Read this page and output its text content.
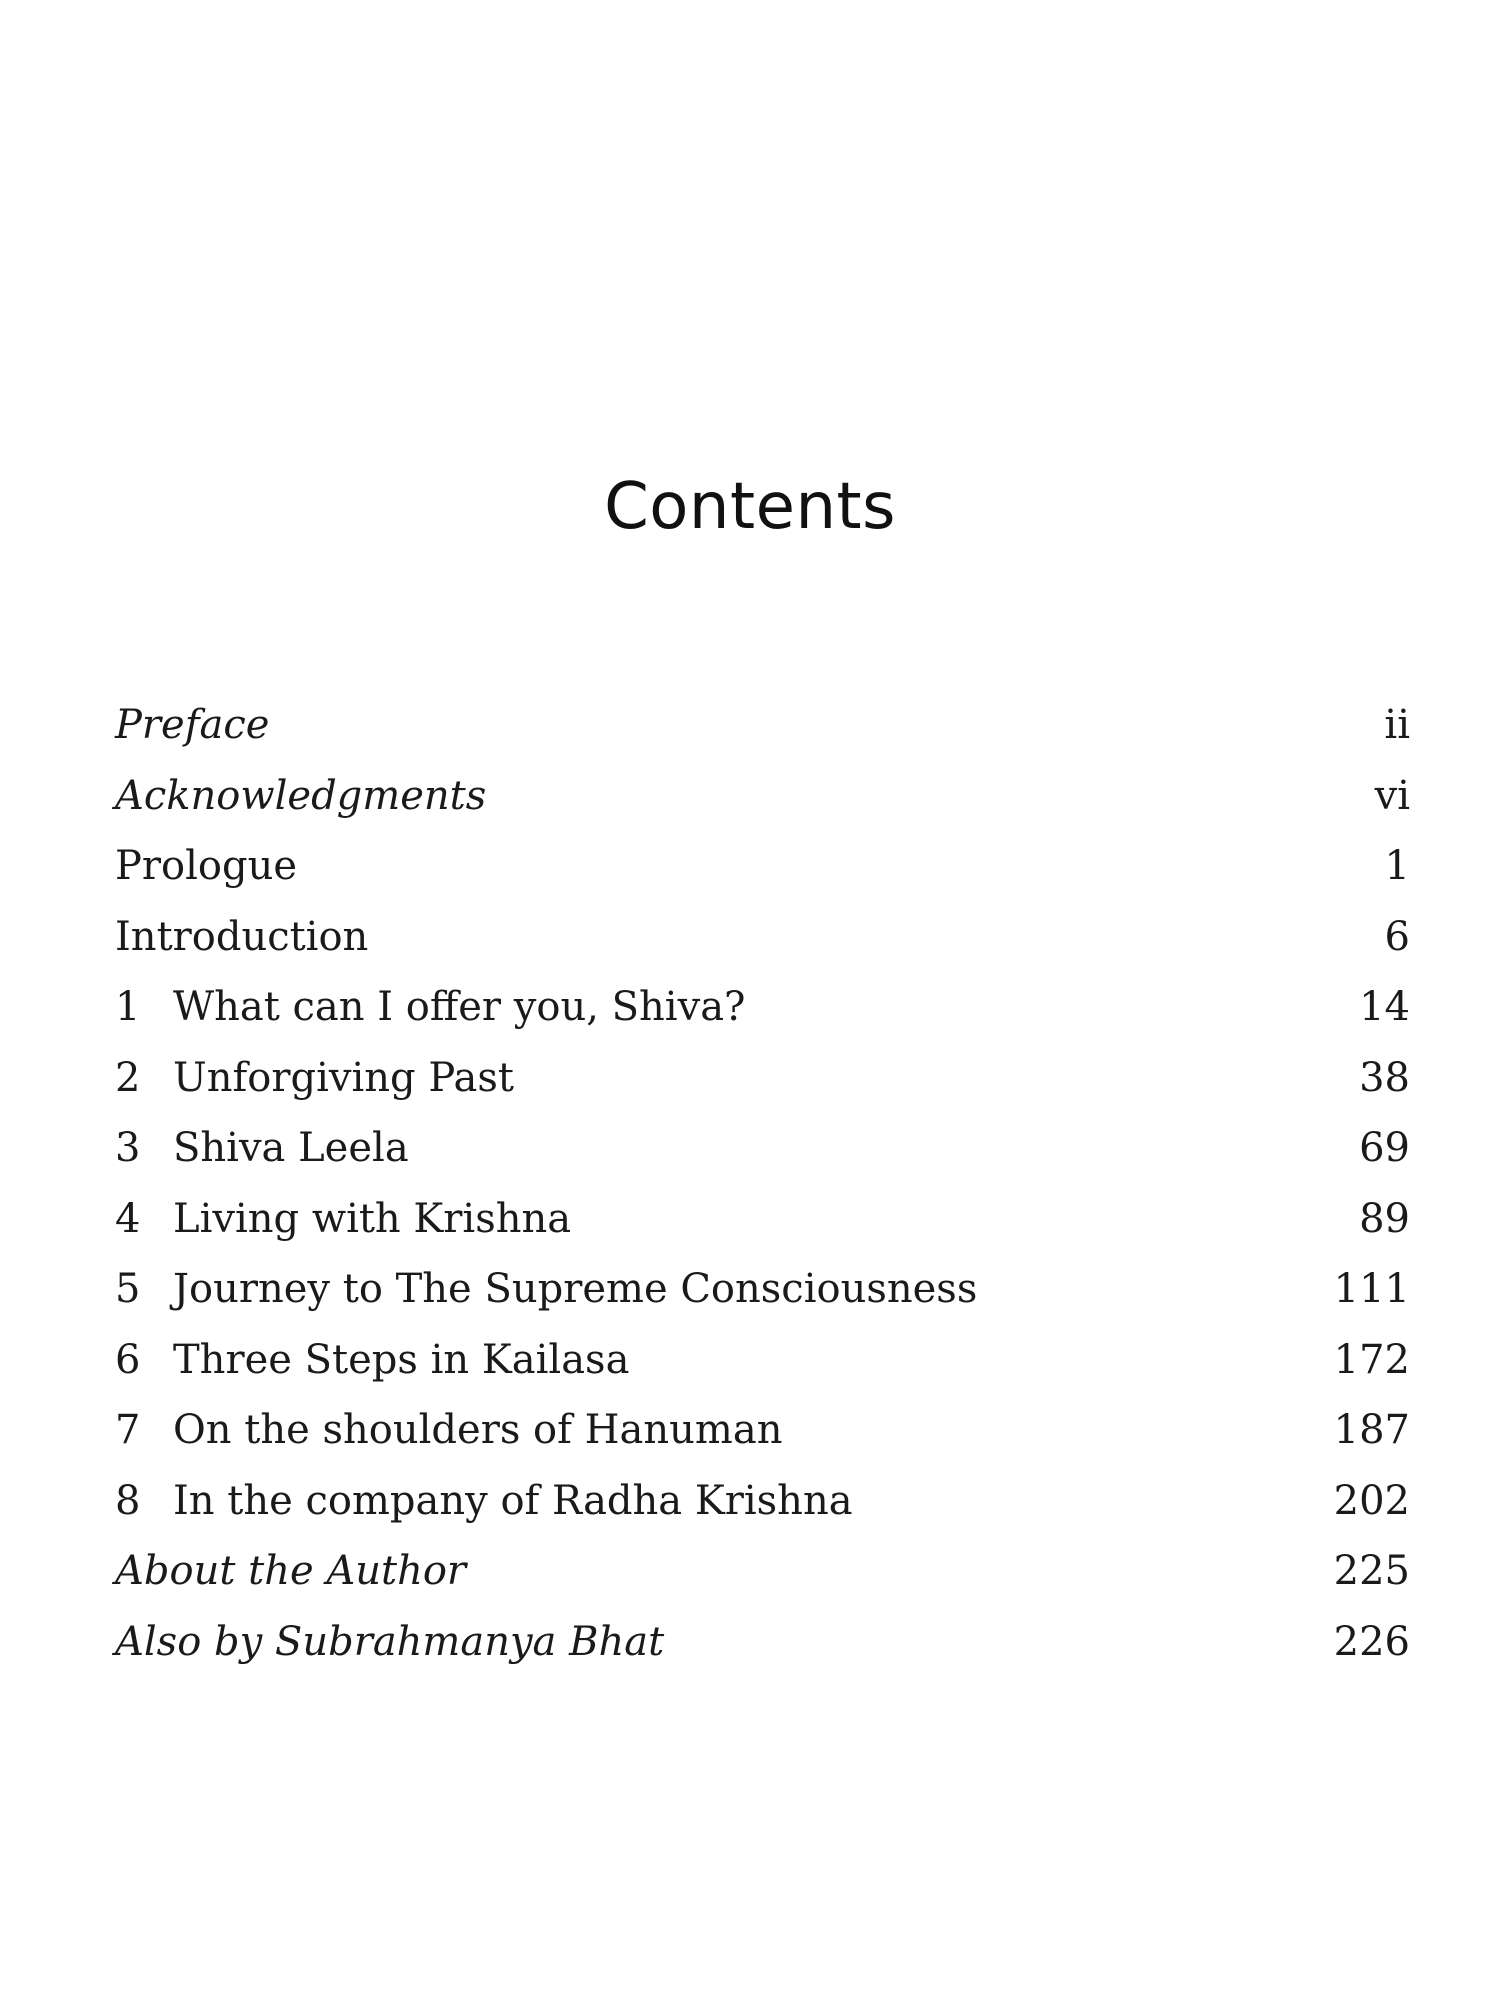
Contents
Preface	ii
Acknowledgments	vi
Prologue	1
Introduction	6
1 What can I offer you, Shiva?	14
2 Unforgiving Past	38
3 Shiva Leela	69
4 Living with Krishna	89
5 Journey to The Supreme Consciousness	111
6 Three Steps in Kailasa	172
7 On the shoulders of Hanuman	187
8 In the company of Radha Krishna	202
About the Author	225
Also by Subrahmanya Bhat	226
